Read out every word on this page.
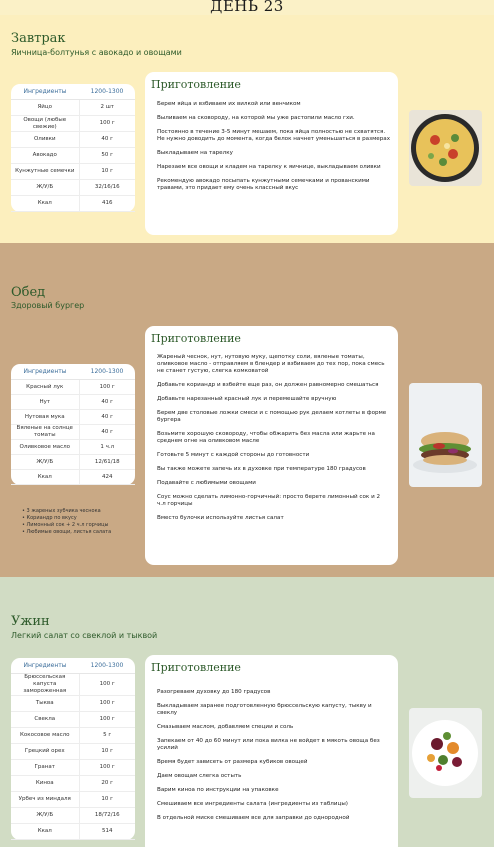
ДЕНЬ 23
Завтрак
Яичница-болтунья с авокадо и овощами
Ингредиенты	1200-1300
Яйцо	2 шт
Овощи (любые свежие)	100 г
Оливки	40 г
Авокадо	50 г
Кунжутные семечки	10 г
Ж/У/Б	32/16/16
Ккал	416
Приготовление
Берем яйца и взбиваем их вилкой или венчиком
Выливаем на сковороду, на которой мы уже растопили масло гхи.
Постоянно в течение 3-5 минут мешаем, пока яйца полностью не схватятся. Не нужно доводить до момента, когда белок начнет уменьшаться в размерах
Выкладываем на тарелку
Нарезаем все овощи и кладем на тарелку к яичнице, выкладываем оливки
Рекомендую авокадо посыпать кунжутными семечками и прованскими травами, это придает ему очень классный вкус
Обед
Здоровый бургер
Ингредиенты	1200-1300
Красный лук	100 г
Нут	40 г
Нутовая мука	40 г
Вяленые на солнце томаты	40 г
Оливковое масло	1 ч.л
Ж/У/Б	12/61/18
Ккал	424
• 3 жареных зубчика чеснока
• Кориандр по вкусу
• Лимонный сок + 2 ч.л горчицы
• Любимые овощи, листья салата
Приготовление
Жареный чеснок, нут, нутовую муку, щепотку соли, вяленые томаты, оливковое масло - отправляем в блендер и взбиваем до тех пор, пока смесь не станет густую, слегка комковатой
Добавьте кориандр и взбейте еще раз, он должен равномерно смешаться
Добавьте нарезанный красный лук и перемешайте вручную
Берем две столовые ложки смеси и с помощью рук делаем котлеты в форме бургера
Возьмите хорошую сковороду, чтобы обжарить без масла или жарьте на среднем огне на оливковом масле
Готовьте 5 минут с каждой стороны до готовности
Вы также можете запечь их в духовке при температуре 180 градусов
Подавайте с любимыми овощами
Соус можно сделать лимонно-горчичный: просто берете лимонный сок и 2 ч.л горчицы
Вместо булочки используйте листья салат
Ужин
Легкий салат со свеклой и тыквой
Ингредиенты	1200-1300
Брюссельская капуста замороженная	100 г
Тыква	100 г
Свекла	100 г
Кокосовое масло	5 г
Грецкий орех	10 г
Гранат	100 г
Киноа	20 г
Урбеч из миндаля	10 г
Ж/У/Б	18/72/16
Ккал	514
Приготовление
Разогреваем духовку до 180 градусов
Выкладываем заранее подготовленную брюссельскую капусту, тыкву и свеклу
Смазываем маслом, добавляем специи и соль
Запекаем от 40 до 60 минут или пока вилка не войдет в мякоть овоща без усилий
Время будет зависеть от размера кубиков овощей
Даем овощам слегка остыть
Варим киноа по инструкции на упаковке
Смешиваем все ингредиенты салата (ингредиенты из таблицы)
В отдельной миске смешиваем все для заправки до однородной
